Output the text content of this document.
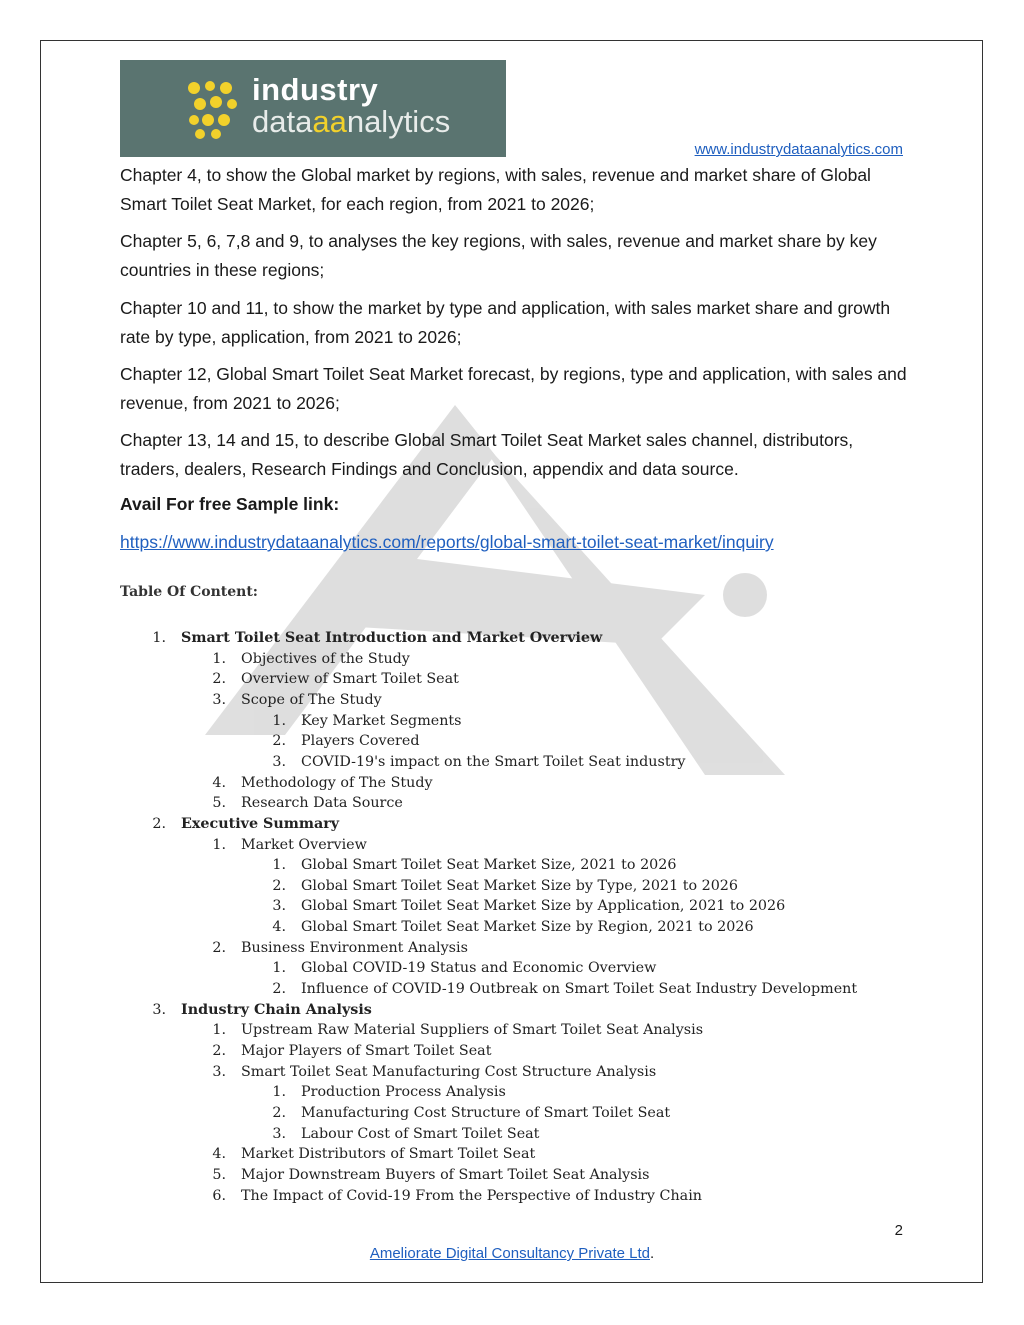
industry
dataaanalytics
www.industrydataanalytics.com
Chapter 4, to show the Global market by regions, with sales, revenue and market share of Global Smart Toilet Seat Market, for each region, from 2021 to 2026;
Chapter 5, 6, 7,8 and 9, to analyses the key regions, with sales, revenue and market share by key countries in these regions;
Chapter 10 and 11, to show the market by type and application, with sales market share and growth rate by type, application, from 2021 to 2026;
Chapter 12, Global Smart Toilet Seat Market forecast, by regions, type and application, with sales and revenue, from 2021 to 2026;
Chapter 13, 14 and 15, to describe Global Smart Toilet Seat Market sales channel, distributors, traders, dealers, Research Findings and Conclusion, appendix and data source.
Avail For free Sample link:
https://www.industrydataanalytics.com/reports/global-smart-toilet-seat-market/inquiry
Table Of Content:
1. Smart Toilet Seat Introduction and Market Overview
1. Objectives of the Study
2. Overview of Smart Toilet Seat
3. Scope of The Study
1. Key Market Segments
2. Players Covered
3. COVID-19's impact on the Smart Toilet Seat industry
4. Methodology of The Study
5. Research Data Source
2. Executive Summary
1. Market Overview
1. Global Smart Toilet Seat Market Size, 2021 to 2026
2. Global Smart Toilet Seat Market Size by Type, 2021 to 2026
3. Global Smart Toilet Seat Market Size by Application, 2021 to 2026
4. Global Smart Toilet Seat Market Size by Region, 2021 to 2026
2. Business Environment Analysis
1. Global COVID-19 Status and Economic Overview
2. Influence of COVID-19 Outbreak on Smart Toilet Seat Industry Development
3. Industry Chain Analysis
1. Upstream Raw Material Suppliers of Smart Toilet Seat Analysis
2. Major Players of Smart Toilet Seat
3. Smart Toilet Seat Manufacturing Cost Structure Analysis
1. Production Process Analysis
2. Manufacturing Cost Structure of Smart Toilet Seat
3. Labour Cost of Smart Toilet Seat
4. Market Distributors of Smart Toilet Seat
5. Major Downstream Buyers of Smart Toilet Seat Analysis
6. The Impact of Covid-19 From the Perspective of Industry Chain
2
Ameliorate Digital Consultancy Private Ltd.
